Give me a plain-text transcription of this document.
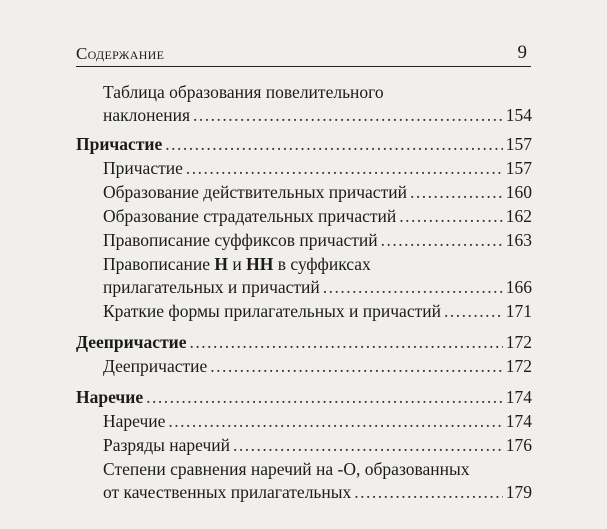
Содержание	9
Таблица образования повелительного
наклонения .....	154
Причастие .....	157
Причастие .....	157
Образование действительных причастий .....	160
Образование страдательных причастий .....	162
Правописание суффиксов причастий .....	163
Правописание Н и НН в суффиксах
прилагательных и причастий .....	166
Краткие формы прилагательных и причастий .....	171
Деепричастие .....	172
Деепричастие .....	172
Наречие .....	174
Наречие .....	174
Разряды наречий .....	176
Степени сравнения наречий на -О, образованных
от качественных прилагательных .....	179
